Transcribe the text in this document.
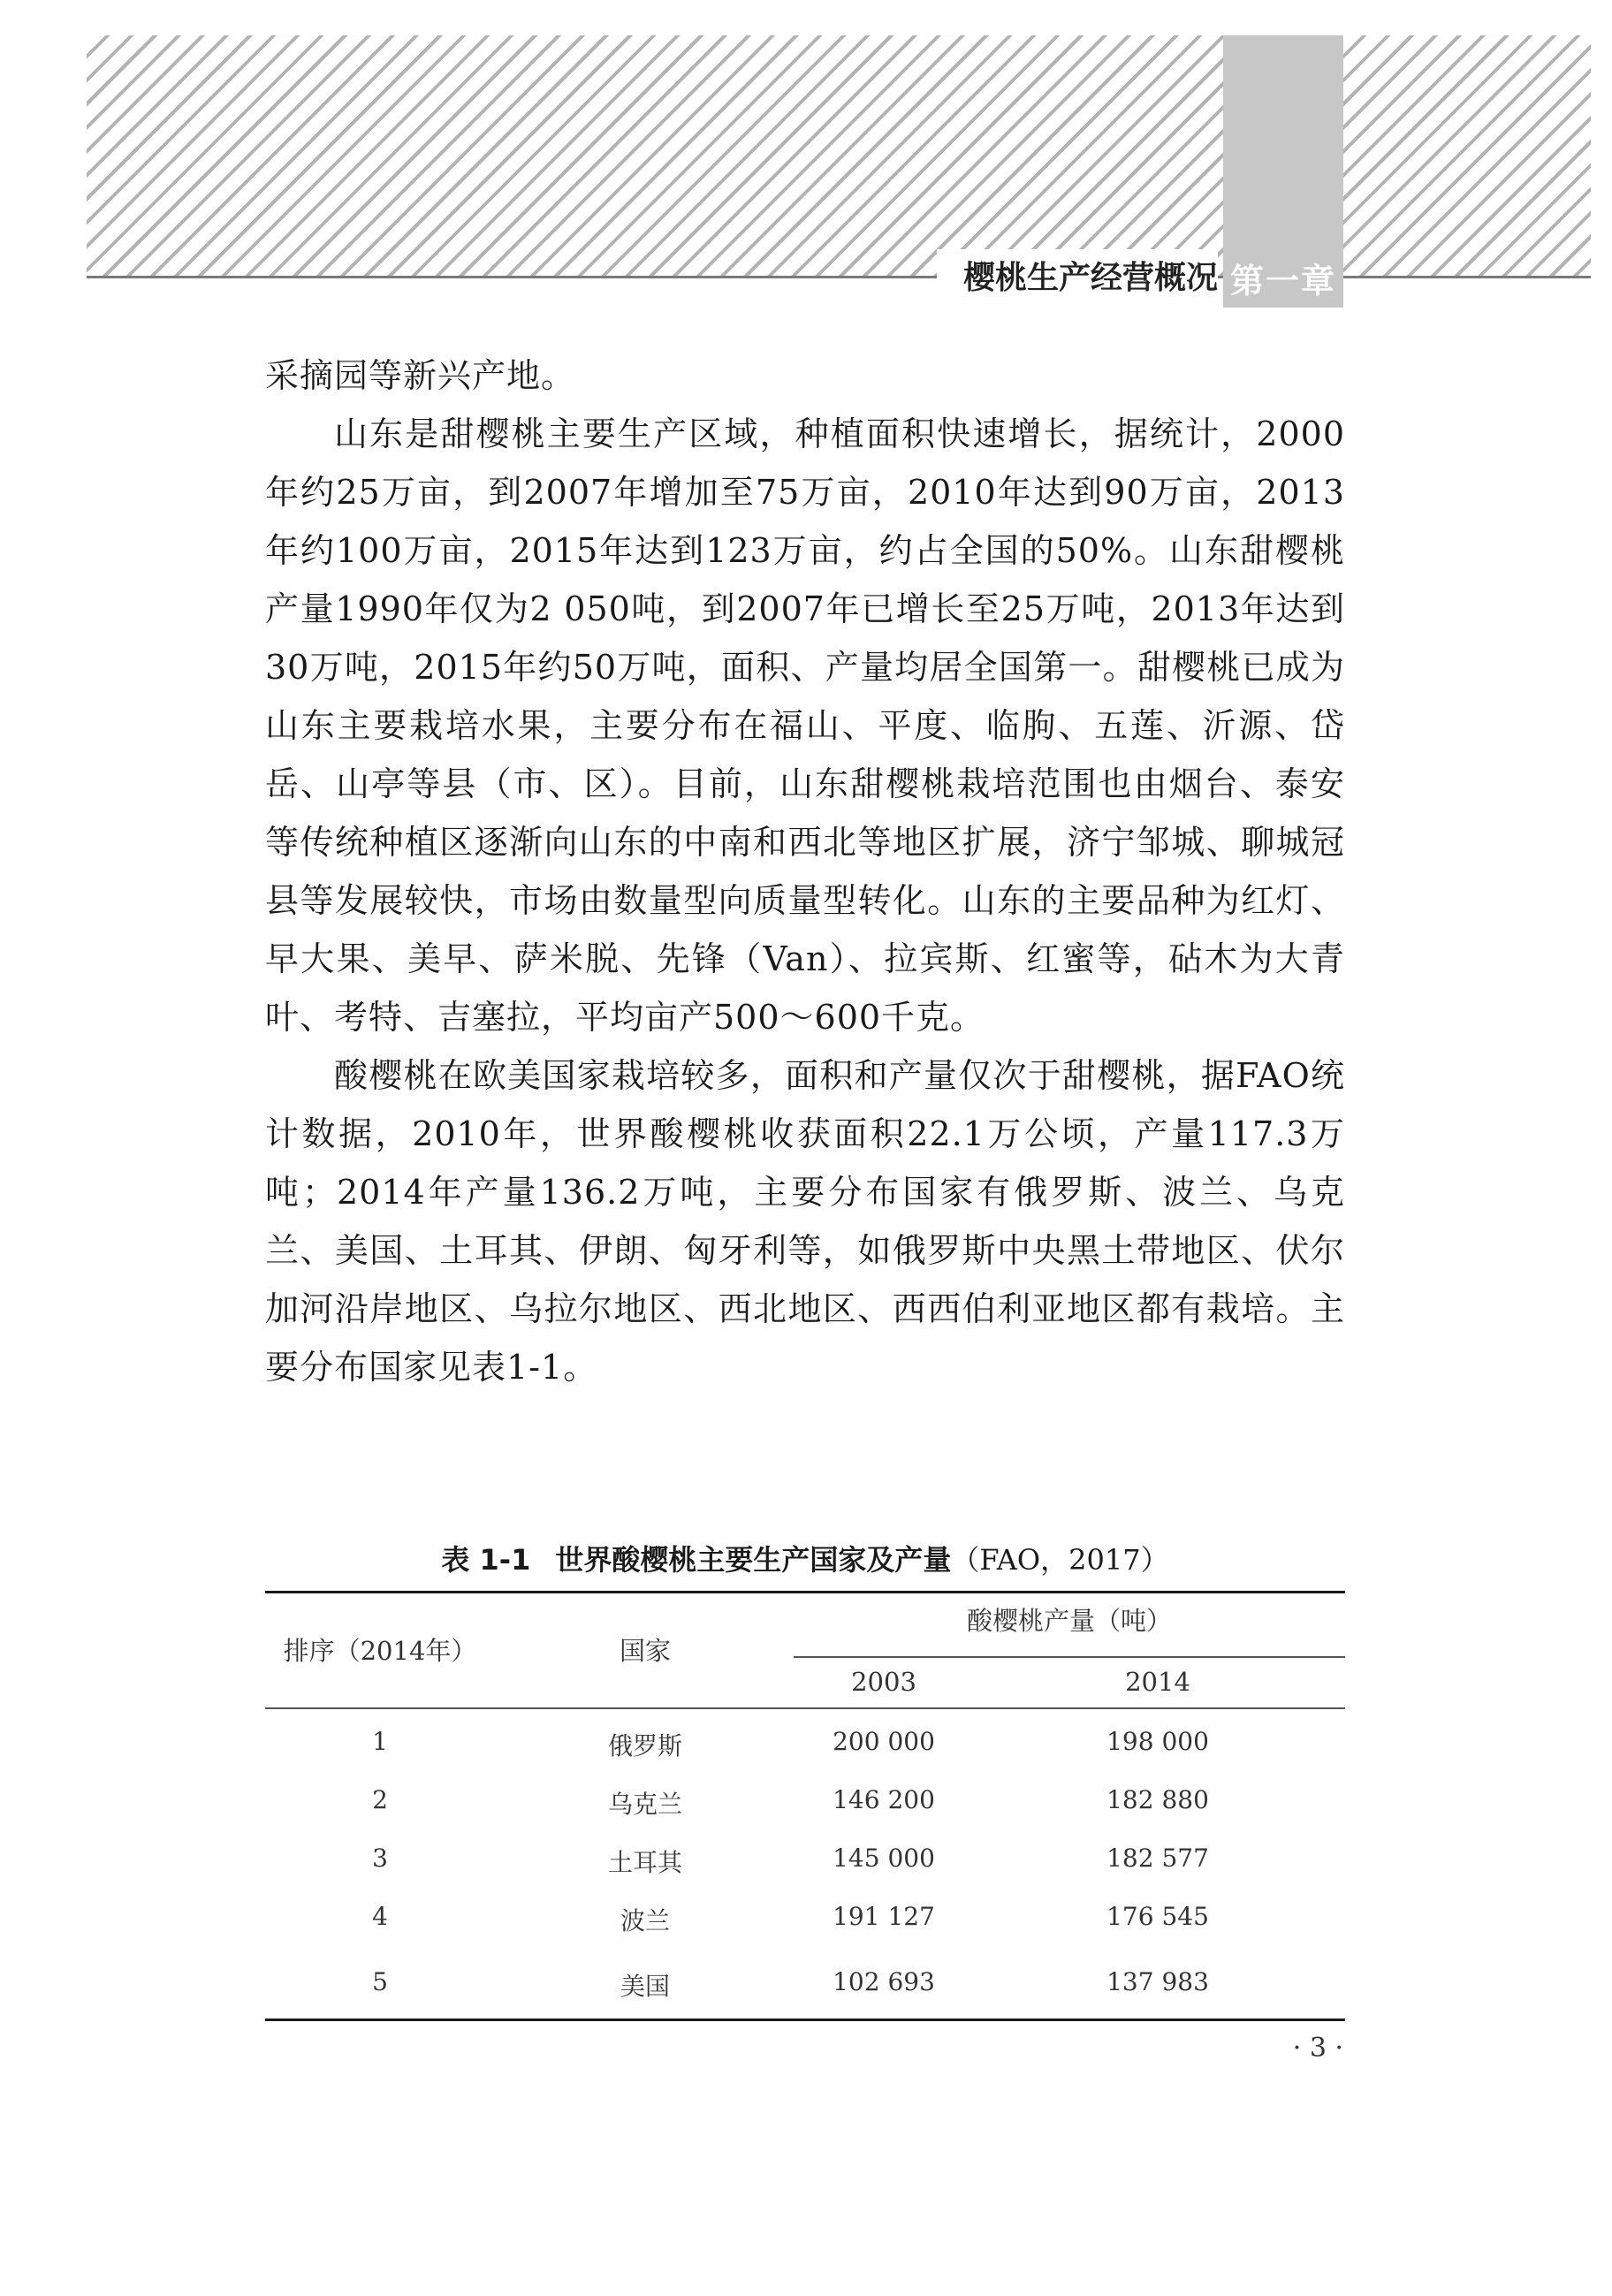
樱桃生产经营概况 第一章

采摘园等新兴产地。

山东是甜樱桃主要生产区域，种植面积快速增长，据统计，2000年约25万亩，到2007年增加至75万亩，2010年达到90万亩，2013年约100万亩，2015年达到123万亩，约占全国的50%。山东甜樱桃产量1990年仅为2 050吨，到2007年已增长至25万吨，2013年达到30万吨，2015年约50万吨，面积、产量均居全国第一。甜樱桃已成为山东主要栽培水果，主要分布在福山、平度、临朐、五莲、沂源、岱岳、山亭等县（市、区）。目前，山东甜樱桃栽培范围也由烟台、泰安等传统种植区逐渐向山东的中南和西北等地区扩展，济宁邹城、聊城冠县等发展较快，市场由数量型向质量型转化。山东的主要品种为红灯、早大果、美早、萨米脱、先锋（Van）、拉宾斯、红蜜等，砧木为大青叶、考特、吉塞拉，平均亩产500～600千克。

酸樱桃在欧美国家栽培较多，面积和产量仅次于甜樱桃，据FAO统计数据，2010年，世界酸樱桃收获面积22.1万公顷，产量117.3万吨；2014年产量136.2万吨，主要分布国家有俄罗斯、波兰、乌克兰、美国、土耳其、伊朗、匈牙利等，如俄罗斯中央黑土带地区、伏尔加河沿岸地区、乌拉尔地区、西北地区、西西伯利亚地区都有栽培。主要分布国家见表1-1。

表 1-1 世界酸樱桃主要生产国家及产量（FAO，2017）
排序（2014年）	国家
酸樱桃产量（吨）
2003	2014
1	俄罗斯	200 000	198 000
2	乌克兰	146 200	182 880
3	土耳其	145 000	182 577
4	波兰	191 127	176 545
5	美国	102 693	137 983
· 3 ·
